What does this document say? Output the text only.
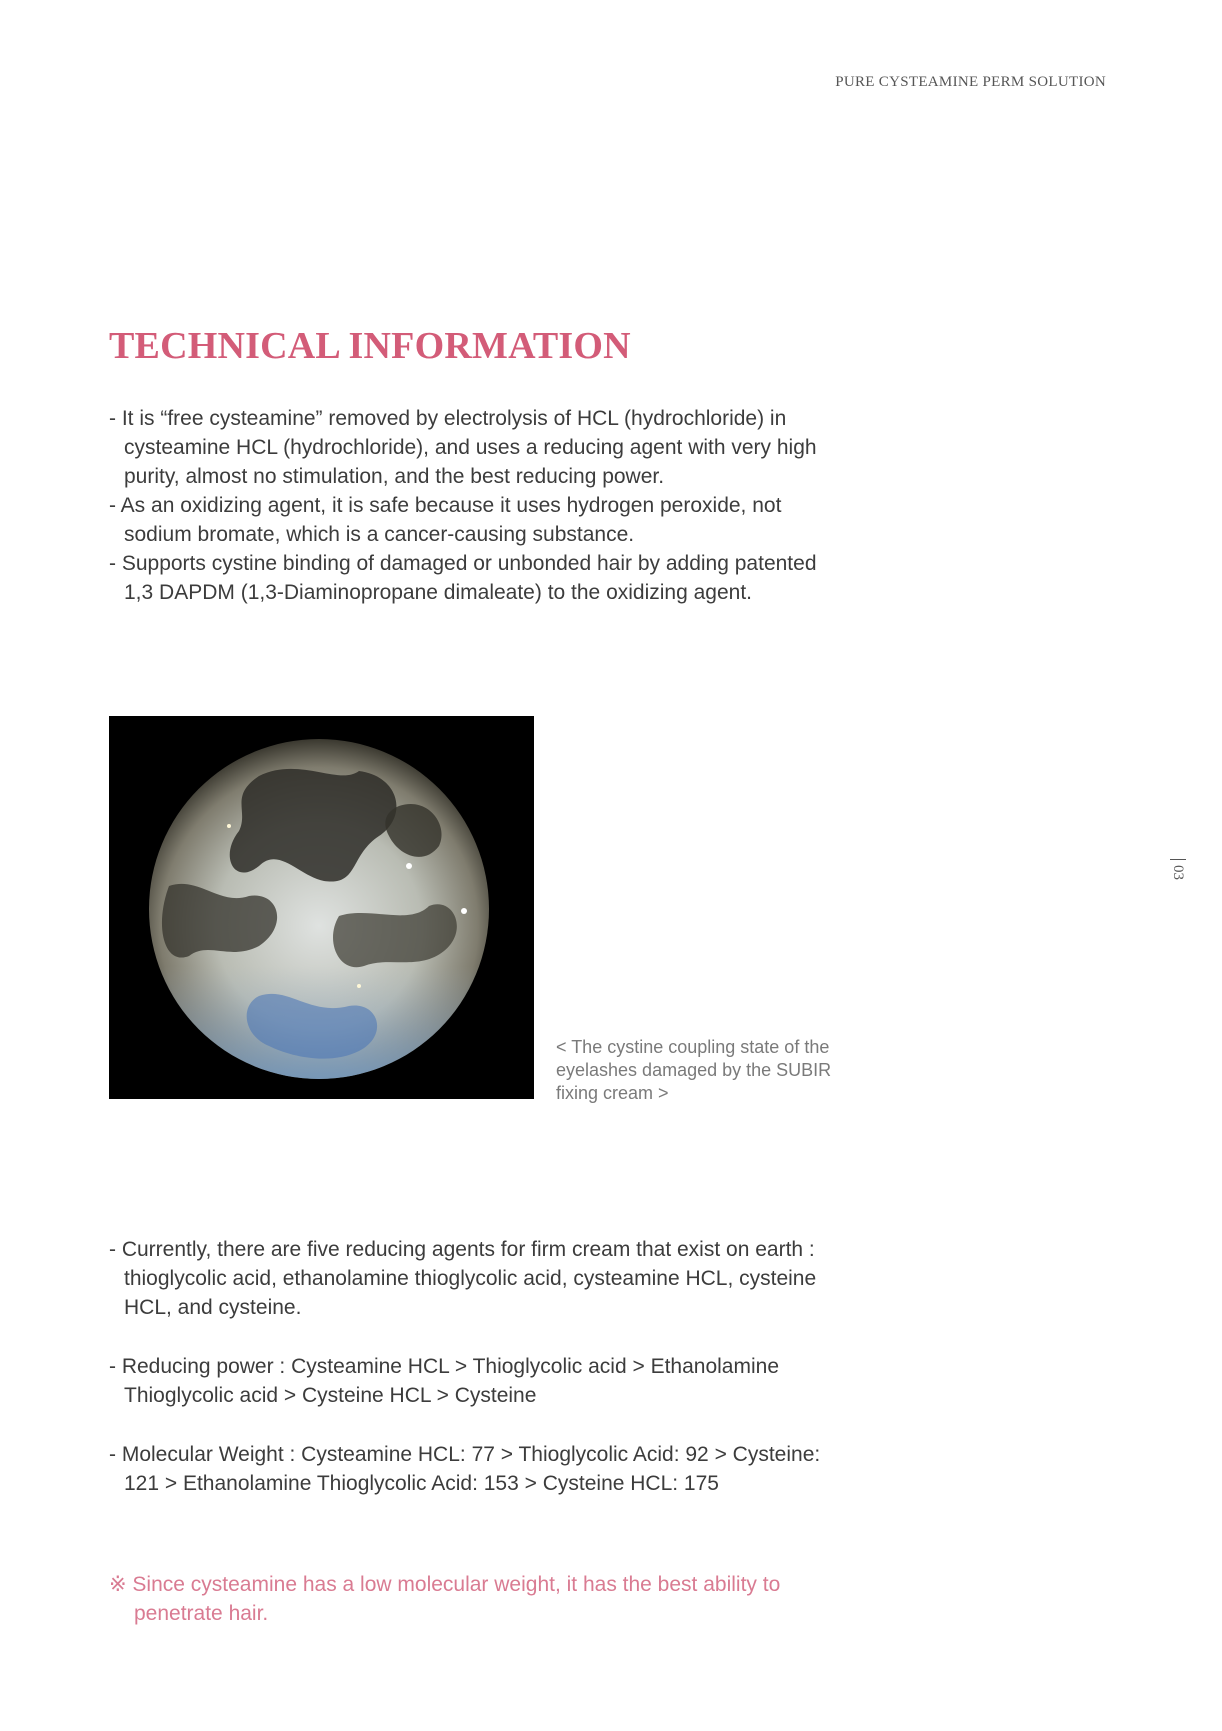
PURE CYSTEAMINE PERM SOLUTION
TECHNICAL INFORMATION
- It is “free cysteamine” removed by electrolysis of HCL (hydrochloride) in cysteamine HCL (hydrochloride), and uses a reducing agent with very high purity, almost no stimulation, and the best reducing power.
- As an oxidizing agent, it is safe because it uses hydrogen peroxide, not sodium bromate, which is a cancer-causing substance.
- Supports cystine binding of damaged or unbonded hair by adding patented 1,3 DAPDM (1,3-Diaminopropane dimaleate) to the oxidizing agent.
< The cystine coupling state of the eyelashes damaged by the SUBIR fixing cream >
03
- Currently, there are five reducing agents for firm cream that exist on earth : thioglycolic acid, ethanolamine thioglycolic acid, cysteamine HCL, cysteine HCL, and cysteine.
- Reducing power : Cysteamine HCL > Thioglycolic acid > Ethanolamine Thioglycolic acid > Cysteine HCL > Cysteine
- Molecular Weight : Cysteamine HCL: 77 > Thioglycolic Acid: 92 > Cysteine: 121 > Ethanolamine Thioglycolic Acid: 153 > Cysteine HCL: 175

※ Since cysteamine has a low molecular weight, it has the best ability to penetrate hair.
